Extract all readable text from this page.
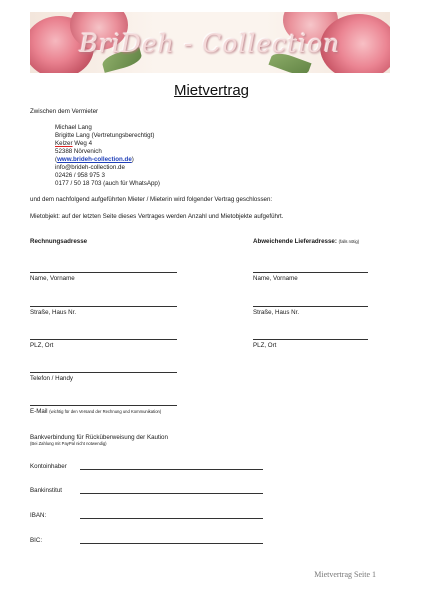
BriDeh - Collection
Mietvertrag
Zwischen dem Vermieter
Michael Lang
Brigitte Lang (Vertretungsberechtigt)
Kelzer Weg 4
52388 Nörvenich
(www.brideh-collection.de)
info@brideh-collection.de
02426 / 958 975 3
0177 / 50 18 703 (auch für WhatsApp)
und dem nachfolgend aufgeführten Mieter / Mieterin wird folgender Vertrag geschlossen:
Mietobjekt: auf der letzten Seite dieses Vertrages werden Anzahl und Mietobjekte aufgeführt.
Rechnungsadresse
Name, Vorname
Straße, Haus Nr.
PLZ, Ort
Telefon / Handy
E-Mail (wichtig für den Versand der Rechnung und Kommunikation)
Abweichende Lieferadresse: (falls nötig)
Name, Vorname
Straße, Haus Nr.
PLZ, Ort
Bankverbindung für Rücküberweisung der Kaution
(Bei Zahlung mit PayPal nicht notwendig)
Kontoinhaber
Bankinstitut
IBAN:
BIC:
Mietvertrag Seite 1
